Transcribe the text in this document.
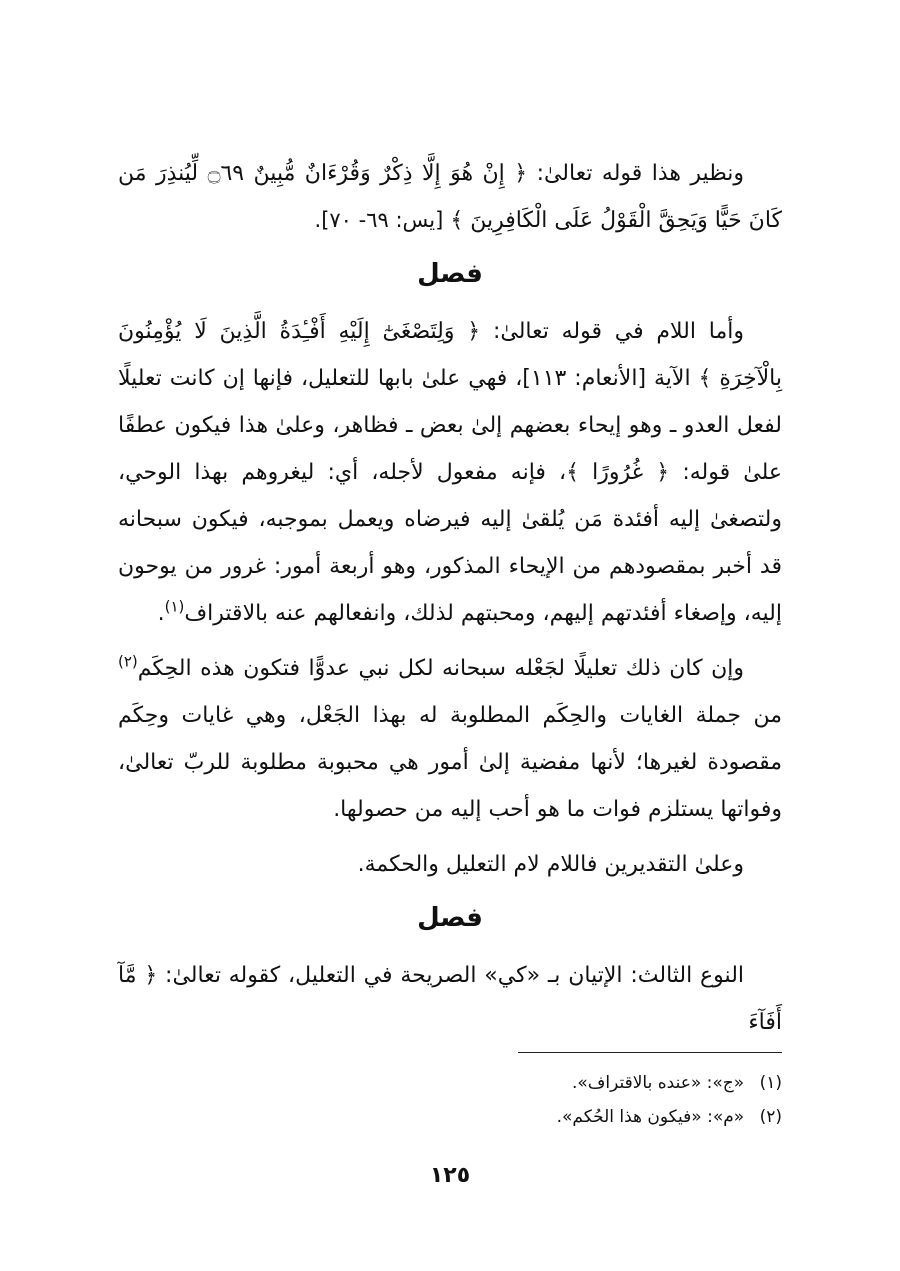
ونظير هذا قوله تعالىٰ: ﴿ إِنْ هُوَ إِلَّا ذِكْرٌ وَقُرْءَانٌ مُّبِينٌ ۝٦٩ لِّيُنذِرَ مَن كَانَ حَيًّا وَيَحِقَّ الْقَوْلُ عَلَى الْكَافِرِينَ ﴾ [يس: ٦٩- ٧٠].

فصل

وأما اللام في قوله تعالىٰ: ﴿ وَلِتَصْغَىٰٓ إِلَيْهِ أَفْـِٔدَةُ الَّذِينَ لَا يُؤْمِنُونَ بِالْآخِرَةِ ﴾ الآية [الأنعام: ١١٣]، فهي علىٰ بابها للتعليل، فإنها إن كانت تعليلًا لفعل العدو ـ وهو إيحاء بعضهم إلىٰ بعض ـ فظاهر، وعلىٰ هذا فيكون عطفًا علىٰ قوله: ﴿ غُرُورًا ﴾، فإنه مفعول لأجله، أي: ليغروهم بهذا الوحي، ولتصغىٰ إليه أفئدة مَن يُلقىٰ إليه فيرضاه ويعمل بموجبه، فيكون سبحانه قد أخبر بمقصودهم من الإيحاء المذكور، وهو أربعة أمور: غرور من يوحون إليه، وإصغاء أفئدتهم إليهم، ومحبتهم لذلك، وانفعالهم عنه بالاقتراف$^{(١)}$.

وإن كان ذلك تعليلًا لجَعْله سبحانه لكل نبي عدوًّا فتكون هذه الحِكَم$^{(٢)}$ من جملة الغايات والحِكَم المطلوبة له بهذا الجَعْل، وهي غايات وحِكَم مقصودة لغيرها؛ لأنها مفضية إلىٰ أمور هي محبوبة مطلوبة للربّ تعالىٰ، وفواتها يستلزم فوات ما هو أحب إليه من حصولها.

وعلىٰ التقديرين فاللام لام التعليل والحكمة.

فصل

النوع الثالث: الإتيان بـ «كي» الصريحة في التعليل، كقوله تعالىٰ: ﴿ مَّآ أَفَآءَ

(١) «ج»: «عنده بالاقتراف».
(٢) «م»: «فيكون هذا الحُكم».
١٢٥
